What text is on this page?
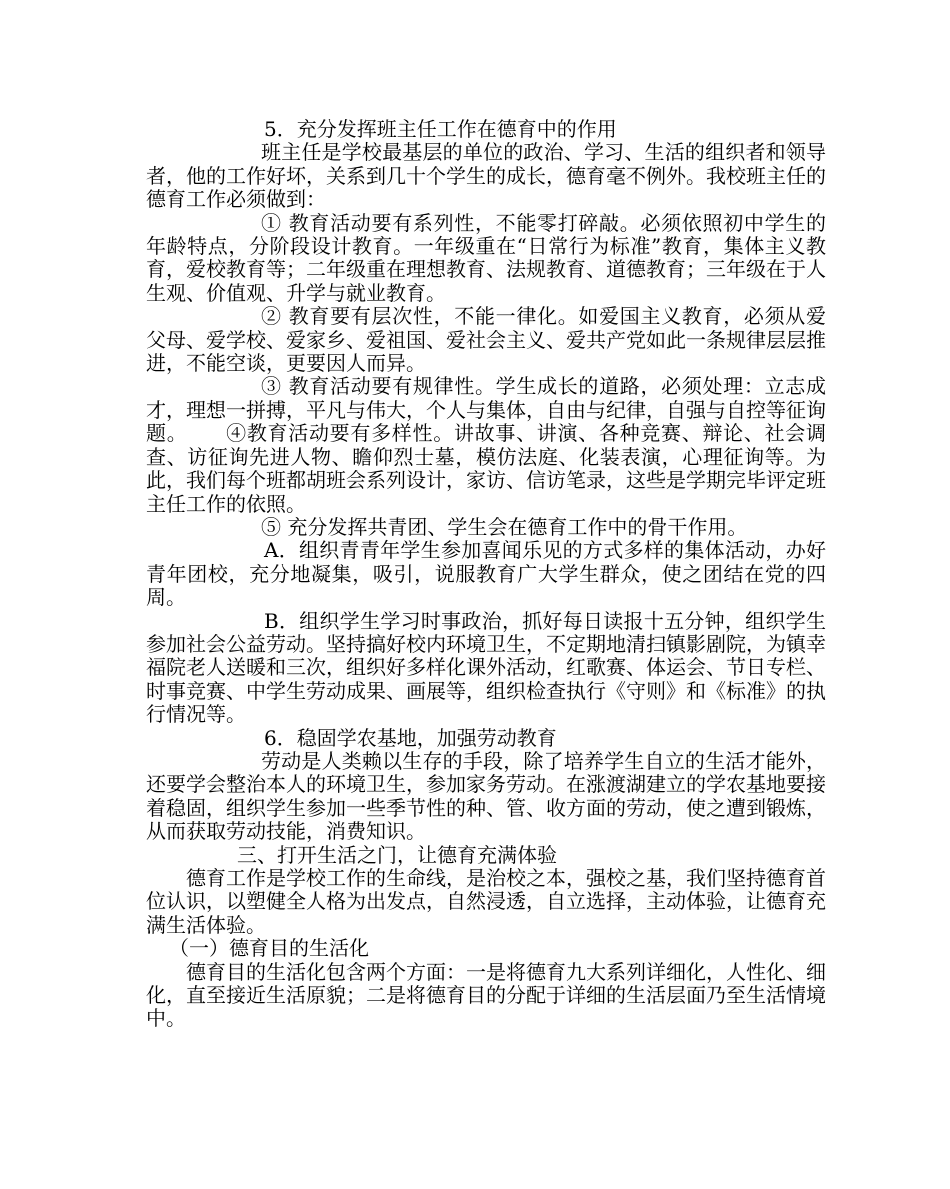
5．充分发挥班主任工作在德育中的作用

班主任是学校最基层的单位的政治、学习、生活的组织者和领导者，他的工作好坏，关系到几十个学生的成长，德育毫不例外。我校班主任的德育工作必须做到：

① 教育活动要有系列性，不能零打碎敲。必须依照初中学生的年龄特点，分阶段设计教育。一年级重在“日常行为标准”教育，集体主义教育，爱校教育等；二年级重在理想教育、法规教育、道德教育；三年级在于人生观、价值观、升学与就业教育。

② 教育要有层次性，不能一律化。如爱国主义教育，必须从爱父母、爱学校、爱家乡、爱祖国、爱社会主义、爱共产党如此一条规律层层推进，不能空谈，更要因人而异。

③ 教育活动要有规律性。学生成长的道路，必须处理：立志成才，理想一拼搏，平凡与伟大，个人与集体，自由与纪律，自强与自控等征询题。 ④教育活动要有多样性。讲故事、讲演、各种竞赛、辩论、社会调查、访征询先进人物、瞻仰烈士墓，模仿法庭、化装表演，心理征询等。为此，我们每个班都胡班会系列设计，家访、信访笔录，这些是学期完毕评定班主任工作的依照。

⑤ 充分发挥共青团、学生会在德育工作中的骨干作用。

A．组织青青年学生参加喜闻乐见的方式多样的集体活动，办好青年团校，充分地凝集，吸引，说服教育广大学生群众，使之团结在党的四周。

B．组织学生学习时事政治，抓好每日读报十五分钟，组织学生参加社会公益劳动。坚持搞好校内环境卫生，不定期地清扫镇影剧院，为镇幸福院老人送暖和三次，组织好多样化课外活动，红歌赛、体运会、节日专栏、时事竞赛、中学生劳动成果、画展等，组织检查执行《守则》和《标准》的执行情况等。

6．稳固学农基地，加强劳动教育

劳动是人类赖以生存的手段，除了培养学生自立的生活才能外，还要学会整治本人的环境卫生，参加家务劳动。在涨渡湖建立的学农基地要接着稳固，组织学生参加一些季节性的种、管、收方面的劳动，使之遭到锻炼，从而获取劳动技能，消费知识。

三、打开生活之门，让德育充满体验

德育工作是学校工作的生命线，是治校之本，强校之基，我们坚持德育首位认识，以塑健全人格为出发点，自然浸透，自立选择，主动体验，让德育充满生活体验。

（一）德育目的生活化

德育目的生活化包含两个方面：一是将德育九大系列详细化，人性化、细化，直至接近生活原貌；二是将德育目的分配于详细的生活层面乃至生活情境中。
